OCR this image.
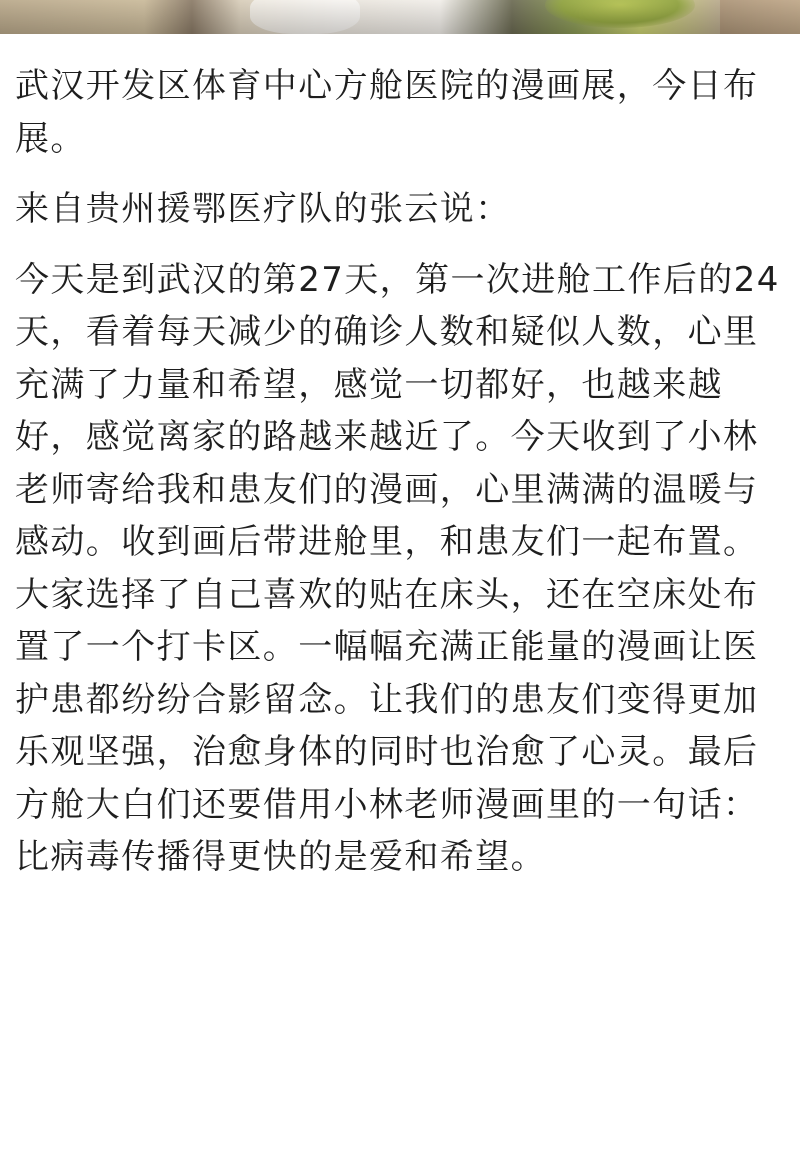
武汉开发区体育中心方舱医院的漫画展，今日布展。

来自贵州援鄂医疗队的张云说：

今天是到武汉的第27天，第一次进舱工作后的24天，看着每天减少的确诊人数和疑似人数，心里充满了力量和希望，感觉一切都好，也越来越好，感觉离家的路越来越近了。今天收到了小林老师寄给我和患友们的漫画，心里满满的温暖与感动。收到画后带进舱里，和患友们一起布置。大家选择了自己喜欢的贴在床头，还在空床处布置了一个打卡区。一幅幅充满正能量的漫画让医护患都纷纷合影留念。让我们的患友们变得更加乐观坚强，治愈身体的同时也治愈了心灵。最后方舱大白们还要借用小林老师漫画里的一句话：比病毒传播得更快的是爱和希望。
